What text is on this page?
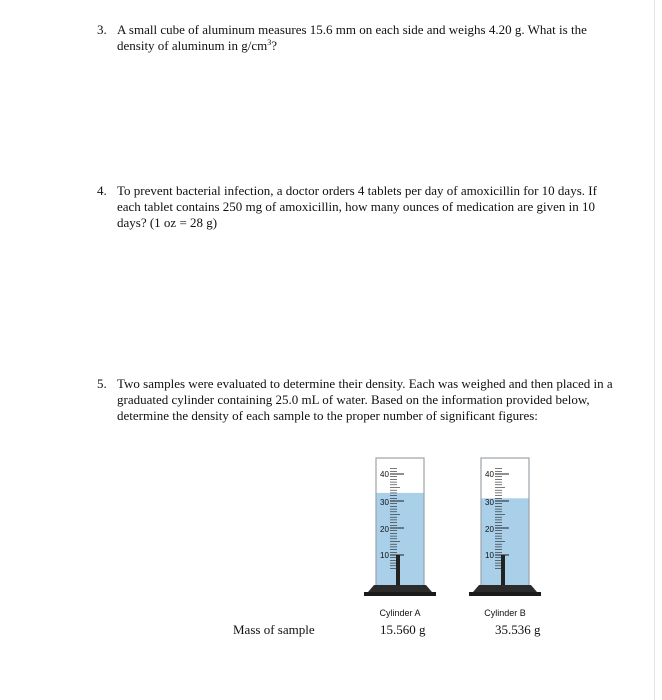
3. A small cube of aluminum measures 15.6 mm on each side and weighs 4.20 g. What is the density of aluminum in $g/cm^3$?
4. To prevent bacterial infection, a doctor orders 4 tablets per day of amoxicillin for 10 days. If each tablet contains 250 mg of amoxicillin, how many ounces of medication are given in 10 days? (1 oz = 28 g)
5. Two samples were evaluated to determine their density. Each was weighed and then placed in a graduated cylinder containing 25.0 mL of water. Based on the information provided below, determine the density of each sample to the proper number of significant figures:
40
30
20
10
Cylinder A
40
30
20
10
Cylinder B
Mass of sample	15.560 g	35.536 g
